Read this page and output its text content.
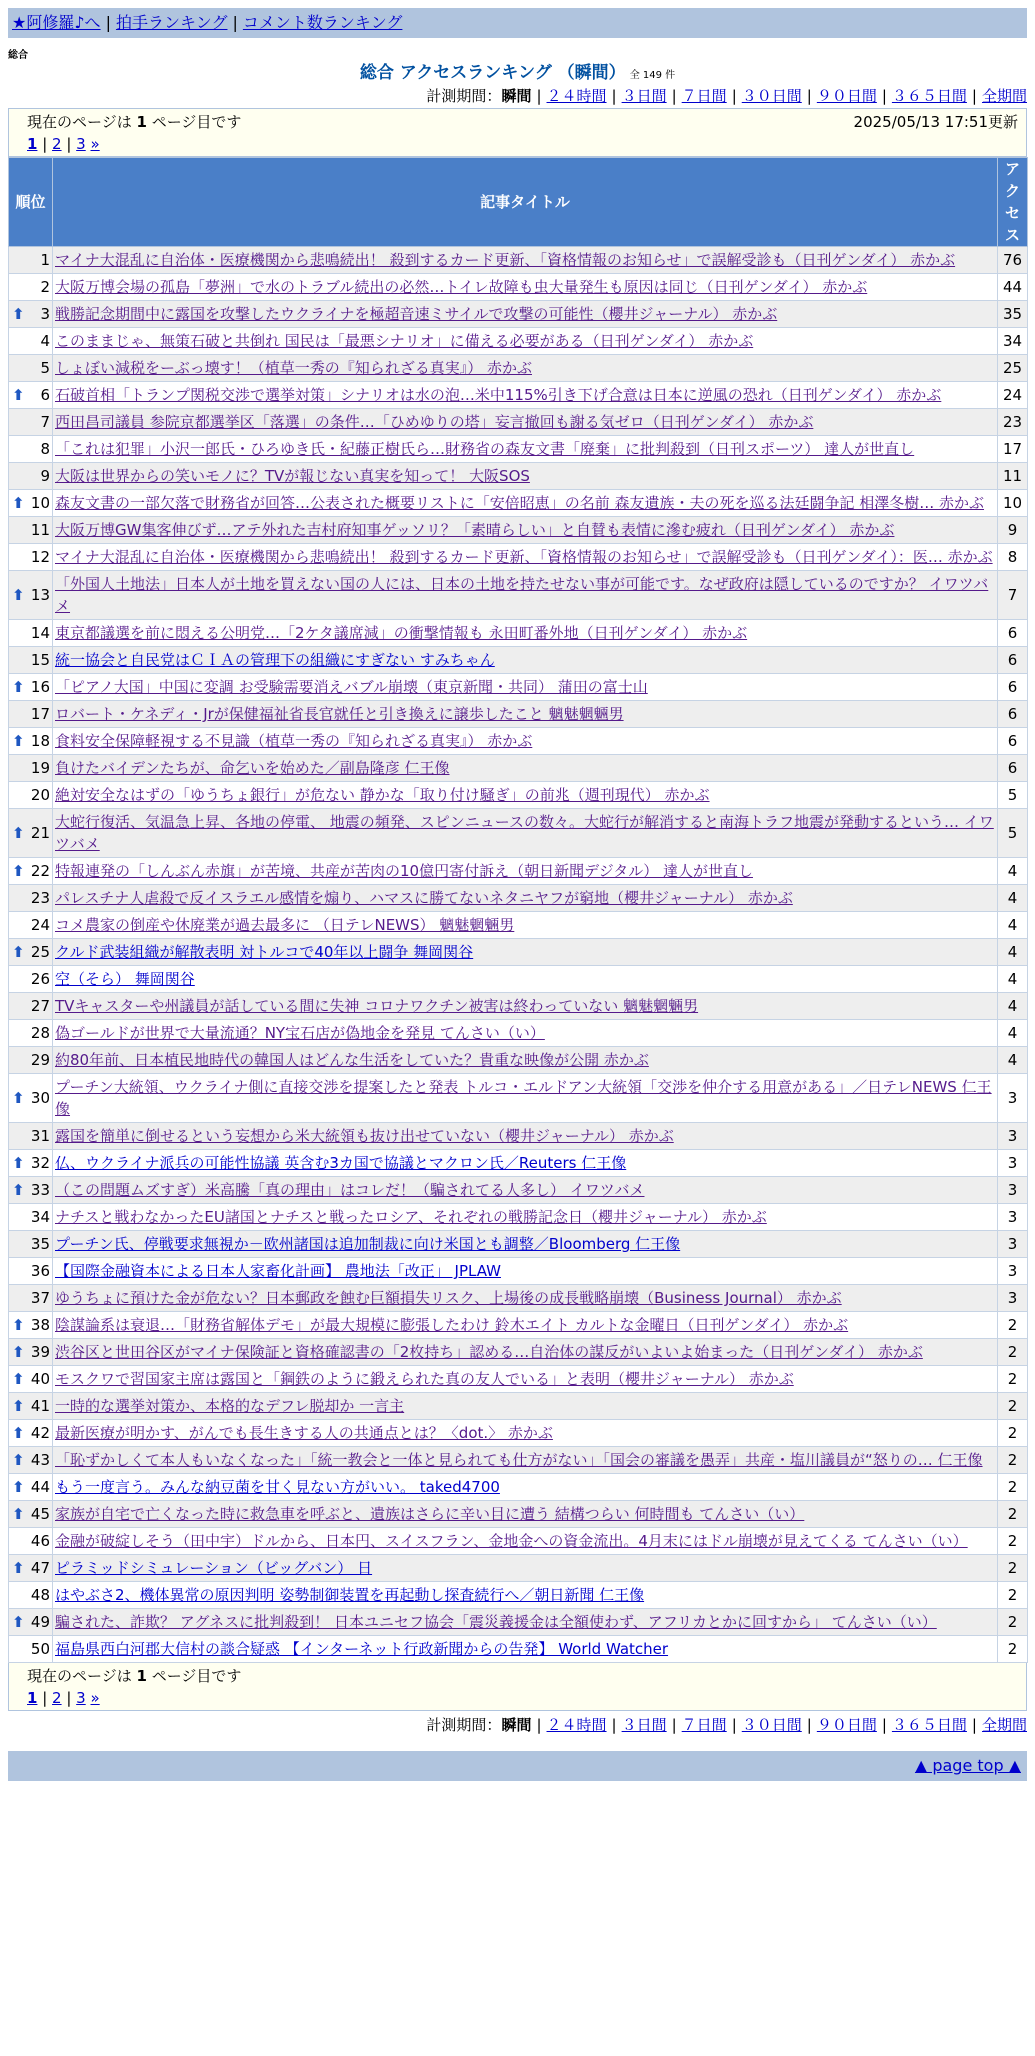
★阿修羅♪へ | 拍手ランキング | コメント数ランキング
総合
総合 アクセスランキング （瞬間） 全 149 件
計測期間：瞬間 | ２４時間 | ３日間 | ７日間 | ３０日間 | ９０日間 | ３６５日間 | 全期間
現在のページは 1 ページ目です	2025/05/13 17:51更新
1 | 2 | 3 »
順位	記事タイトル	アクセス
1	マイナ大混乱に自治体・医療機関から悲鳴続出！ 殺到するカード更新、「資格情報のお知らせ」で誤解受診も（日刊ゲンダイ） 赤かぶ	76
2	大阪万博会場の孤島「夢洲」で水のトラブル続出の必然…トイレ故障も虫大量発生も原因は同じ（日刊ゲンダイ） 赤かぶ	44

⬆ 3	戦勝記念期間中に露国を攻撃したウクライナを極超音速ミサイルで攻撃の可能性（櫻井ジャーナル） 赤かぶ	35
4	このままじゃ、無策石破と共倒れ 国民は「最悪シナリオ」に備える必要がある（日刊ゲンダイ） 赤かぶ	34
5	しょぼい減税をーぶっ壊す！（植草一秀の『知られざる真実』） 赤かぶ	25

⬆ 6	石破首相「トランプ関税交渉で選挙対策」シナリオは水の泡…米中115%引き下げ合意は日本に逆風の恐れ（日刊ゲンダイ） 赤かぶ	24
7	西田昌司議員 参院京都選挙区「落選」の条件…「ひめゆりの塔」妄言撤回も謝る気ゼロ（日刊ゲンダイ） 赤かぶ	23
8	「これは犯罪」小沢一郎氏・ひろゆき氏・紀藤正樹氏ら…財務省の森友文書「廃棄」に批判殺到（日刊スポーツ） 達人が世直し	17
9	大阪は世界からの笑いモノに？TVが報じない真実を知って！ 大阪SOS	11

⬆ 10	森友文書の一部欠落で財務省が回答…公表された概要リストに「安倍昭恵」の名前 森友遺族・夫の死を巡る法廷闘争記 相澤冬樹… 赤かぶ	10
11	大阪万博GW集客伸びず…アテ外れた吉村府知事ゲッソリ？「素晴らしい」と自賛も表情に滲む疲れ（日刊ゲンダイ） 赤かぶ	9
12	マイナ大混乱に自治体・医療機関から悲鳴続出！ 殺到するカード更新、「資格情報のお知らせ」で誤解受診も（日刊ゲンダイ）：医… 赤かぶ	8

⬆ 13	「外国人土地法」日本人が土地を買えない国の人には、日本の土地を持たせない事が可能です。なぜ政府は隠しているのですか？ イワツバメ	7
14	東京都議選を前に悶える公明党…「2ケタ議席減」の衝撃情報も 永田町番外地（日刊ゲンダイ） 赤かぶ	6
15	統一協会と自民党はＣＩＡの管理下の組織にすぎない すみちゃん	6

⬆ 16	「ピアノ大国」中国に変調 お受験需要消えバブル崩壊（東京新聞・共同） 蒲田の富士山	6
17	ロバート・ケネディ・Jrが保健福祉省長官就任と引き換えに譲歩したこと 魑魅魍魎男	6

⬆ 18	食料安全保障軽視する不見識（植草一秀の『知られざる真実』） 赤かぶ	6
19	負けたバイデンたちが、命乞いを始めた／副島隆彦 仁王像	6
20	絶対安全なはずの「ゆうちょ銀行」が危ない 静かな「取り付け騒ぎ」の前兆（週刊現代） 赤かぶ	5

⬆ 21	大蛇行復活、気温急上昇、各地の停電、 地震の頻発、スピンニュースの数々。大蛇行が解消すると南海トラフ地震が発動するという… イワツバメ	5

⬆ 22	特報連発の「しんぶん赤旗」が苦境、共産が苦肉の10億円寄付訴え（朝日新聞デジタル） 達人が世直し	4
23	パレスチナ人虐殺で反イスラエル感情を煽り、ハマスに勝てないネタニヤフが窮地（櫻井ジャーナル） 赤かぶ	4
24	コメ農家の倒産や休廃業が過去最多に （日テレNEWS） 魑魅魍魎男	4

⬆ 25	クルド武装組織が解散表明 対トルコで40年以上闘争 舞岡関谷	4
26	空（そら） 舞岡関谷	4
27	TVキャスターや州議員が話している間に失神 コロナワクチン被害は終わっていない 魑魅魍魎男	4
28	偽ゴールドが世界で大量流通？NY宝石店が偽地金を発見 てんさい（い）	4
29	約80年前、日本植民地時代の韓国人はどんな生活をしていた？貴重な映像が公開 赤かぶ	4

⬆ 30	プーチン大統領、ウクライナ側に直接交渉を提案したと発表 トルコ・エルドアン大統領「交渉を仲介する用意がある」／日テレNEWS 仁王像	3
31	露国を簡単に倒せるという妄想から米大統領も抜け出せていない（櫻井ジャーナル） 赤かぶ	3

⬆ 32	仏、ウクライナ派兵の可能性協議 英含む3カ国で協議とマクロン氏／Reuters 仁王像	3

⬆ 33	（この問題ムズすぎ）米高騰「真の理由」はコレだ！（騙されてる人多し） イワツバメ	3
34	ナチスと戦わなかったEU諸国とナチスと戦ったロシア、それぞれの戦勝記念日（櫻井ジャーナル） 赤かぶ	3
35	プーチン氏、停戦要求無視か－欧州諸国は追加制裁に向け米国とも調整／Bloomberg 仁王像	3
36	【国際金融資本による日本人家畜化計画】 農地法「改正」 JPLAW	3
37	ゆうちょに預けた金が危ない？日本郵政を蝕む巨額損失リスク、上場後の成長戦略崩壊（Business Journal） 赤かぶ	3

⬆ 38	陰謀論系は衰退…「財務省解体デモ」が最大規模に膨張したわけ 鈴木エイト カルトな金曜日（日刊ゲンダイ） 赤かぶ	2

⬆ 39	渋谷区と世田谷区がマイナ保険証と資格確認書の「2枚持ち」認める…自治体の謀反がいよいよ始まった（日刊ゲンダイ） 赤かぶ	2

⬆ 40	モスクワで習国家主席は露国と「鋼鉄のように鍛えられた真の友人でいる」と表明（櫻井ジャーナル） 赤かぶ	2

⬆ 41	一時的な選挙対策か、本格的なデフレ脱却か 一言主	2

⬆ 42	最新医療が明かす、がんでも長生きする人の共通点とは？〈dot.〉 赤かぶ	2

⬆ 43	「恥ずかしくて本人もいなくなった」「統一教会と一体と見られても仕方がない」「国会の審議を愚弄」共産・塩川議員が“怒りの… 仁王像	2

⬆ 44	もう一度言う。みんな納豆菌を甘く見ない方がいい。 taked4700	2

⬆ 45	家族が自宅で亡くなった時に救急車を呼ぶと、遺族はさらに辛い目に遭う 結構つらい 何時間も てんさい（い）	2
46	金融が破綻しそう（田中宇）ドルから、日本円、スイスフラン、金地金への資金流出。4月末にはドル崩壊が見えてくる てんさい（い）	2

⬆ 47	ピラミッドシミュレーション（ビッグバン） 日	2
48	はやぶさ2、機体異常の原因判明 姿勢制御装置を再起動し探査続行へ／朝日新聞 仁王像	2

⬆ 49	騙された、詐欺？ アグネスに批判殺到！ 日本ユニセフ協会「震災義援金は全額使わず、アフリカとかに回すから」 てんさい（い）	2
50	福島県西白河郡大信村の談合疑惑 【インターネット行政新聞からの告発】 World Watcher	2
現在のページは 1 ページ目です
1 | 2 | 3 »
計測期間：瞬間 | ２４時間 | ３日間 | ７日間 | ３０日間 | ９０日間 | ３６５日間 | 全期間
▲ page top ▲
